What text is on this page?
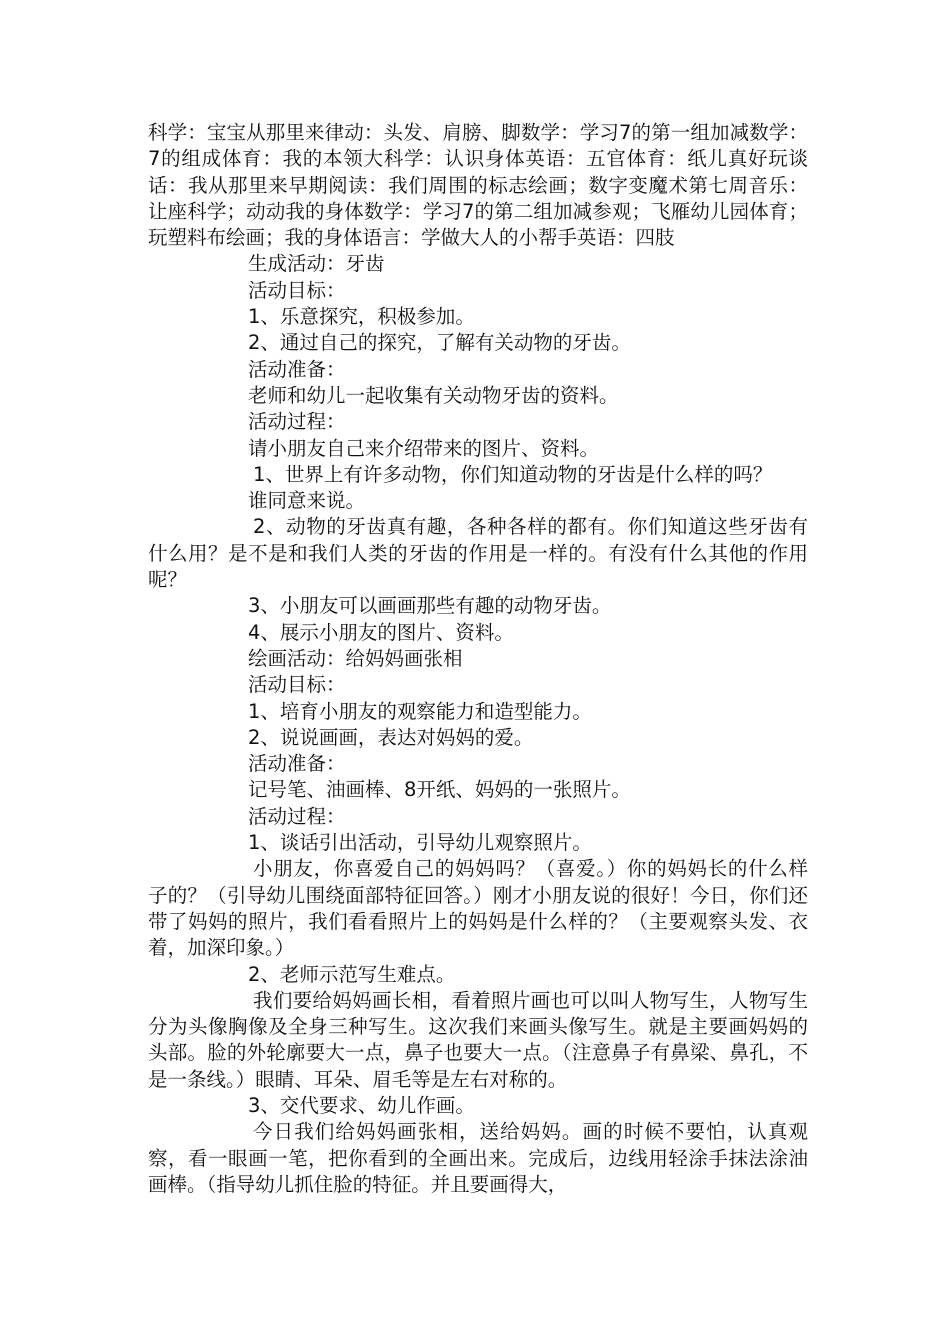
科学：宝宝从那里来律动：头发、肩膀、脚数学：学习7的第一组加减数学：7的组成体育：我的本领大科学：认识身体英语：五官体育：纸儿真好玩谈话：我从那里来早期阅读：我们周围的标志绘画；数字变魔术第七周音乐：让座科学；动动我的身体数学：学习7的第二组加减参观；飞雁幼儿园体育；玩塑料布绘画；我的身体语言：学做大人的小帮手英语：四肢

生成活动：牙齿

活动目标：

1、乐意探究，积极参加。

2、通过自己的探究，了解有关动物的牙齿。

活动准备：

老师和幼儿一起收集有关动物牙齿的资料。

活动过程：

请小朋友自己来介绍带来的图片、资料。

1、世界上有许多动物，你们知道动物的牙齿是什么样的吗？

谁同意来说。

2、动物的牙齿真有趣，各种各样的都有。你们知道这些牙齿有什么用？是不是和我们人类的牙齿的作用是一样的。有没有什么其他的作用呢？

3、小朋友可以画画那些有趣的动物牙齿。

4、展示小朋友的图片、资料。

绘画活动：给妈妈画张相

活动目标：

1、培育小朋友的观察能力和造型能力。

2、说说画画，表达对妈妈的爱。

活动准备：

记号笔、油画棒、8开纸、妈妈的一张照片。

活动过程：

1、谈话引出活动，引导幼儿观察照片。

小朋友，你喜爱自己的妈妈吗？（喜爱。）你的妈妈长的什么样子的？（引导幼儿围绕面部特征回答。）刚才小朋友说的很好！今日，你们还带了妈妈的照片，我们看看照片上的妈妈是什么样的？（主要观察头发、衣着，加深印象。）

2、老师示范写生难点。

我们要给妈妈画长相，看着照片画也可以叫人物写生，人物写生分为头像胸像及全身三种写生。这次我们来画头像写生。就是主要画妈妈的头部。脸的外轮廓要大一点，鼻子也要大一点。（注意鼻子有鼻梁、鼻孔，不是一条线。）眼睛、耳朵、眉毛等是左右对称的。

3、交代要求、幼儿作画。

今日我们给妈妈画张相，送给妈妈。画的时候不要怕，认真观察，看一眼画一笔，把你看到的全画出来。完成后，边线用轻涂手抹法涂油画棒。（指导幼儿抓住脸的特征。并且要画得大，
